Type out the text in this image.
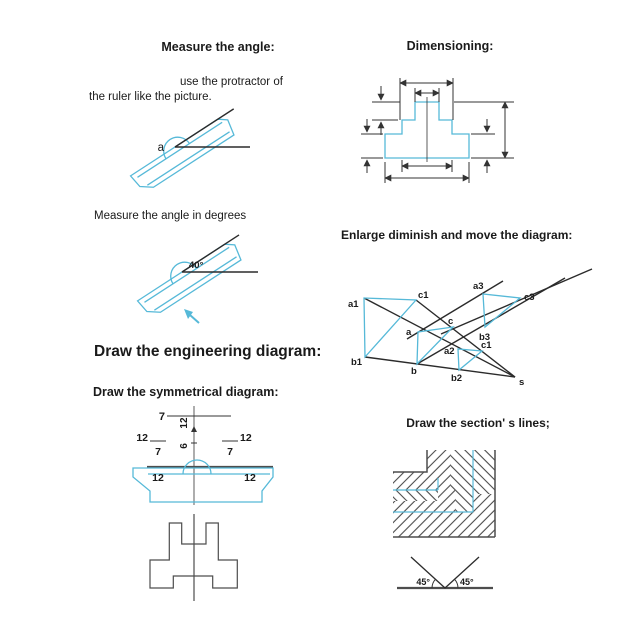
Measure the angle:
use the protractor of
the ruler like the picture.
Dimensioning:
Measure the angle in degrees
Draw the engineering diagram:
Enlarge diminish and move the diagram:
Draw the symmetrical diagram:
Draw the section' s lines;
a
40°
a1
c1
a3
c3
a
c
b3
a2
c1
b1
b
b2	s
7 12
6
12
7
12
7
12	12
45°	45°
